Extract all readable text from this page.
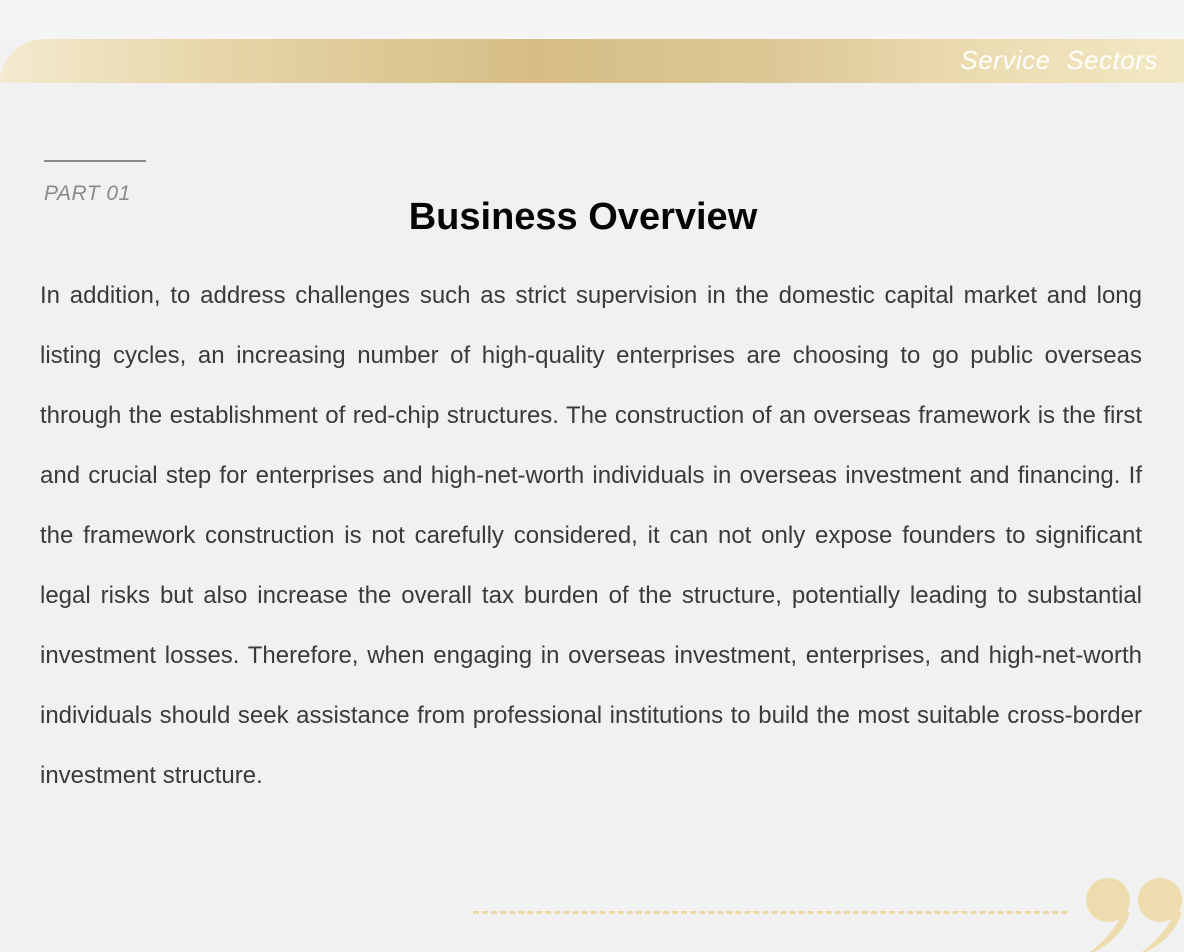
Service Sectors
PART 01
Business Overview

In addition, to address challenges such as strict supervision in the domestic capital market and long listing cycles, an increasing number of high-quality enterprises are choosing to go public overseas through the establishment of red-chip structures. The construction of an overseas framework is the first and crucial step for enterprises and high-net-worth individuals in overseas investment and financing. If the framework construction is not carefully considered, it can not only expose founders to significant legal risks but also increase the overall tax burden of the structure, potentially leading to substantial investment losses. Therefore, when engaging in overseas investment, enterprises, and high-net-worth individuals should seek assistance from professional institutions to build the most suitable cross-border investment structure.
